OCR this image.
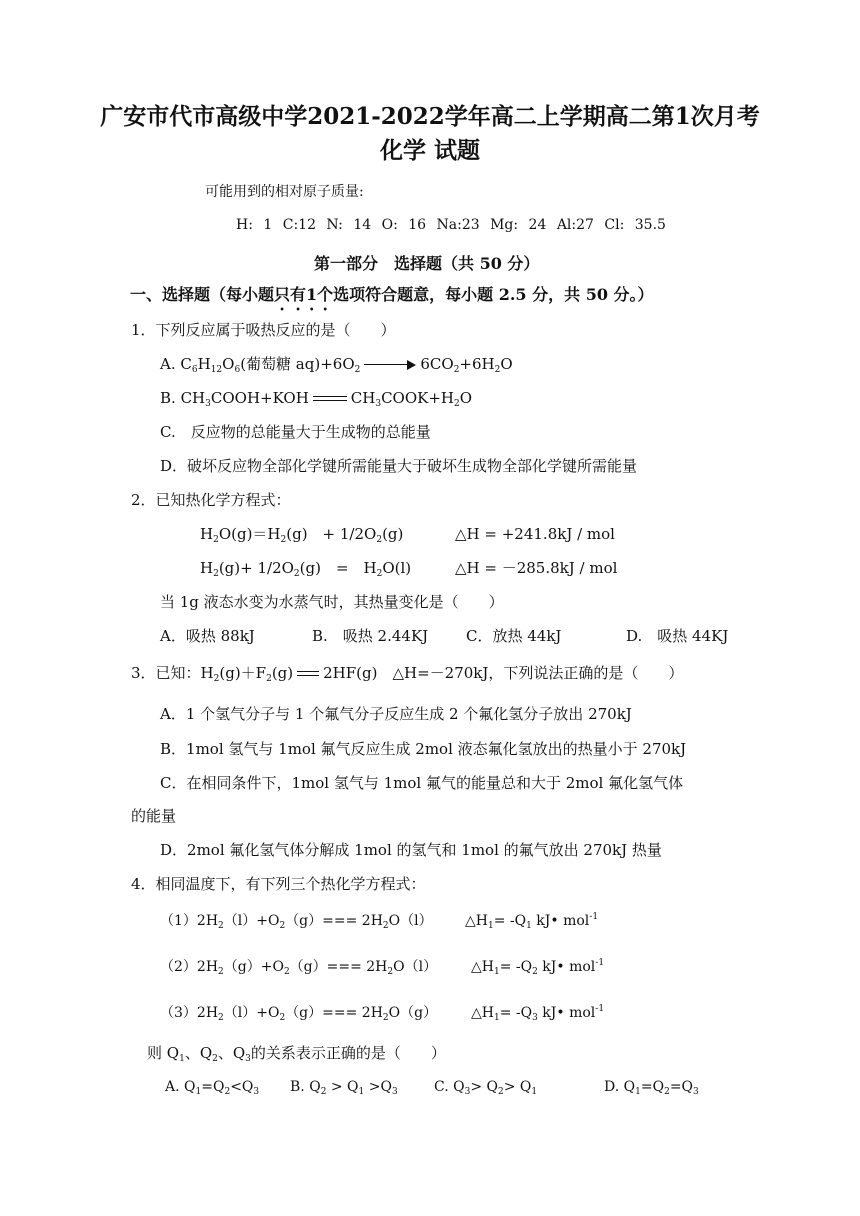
广安市代市高级中学2021-2022学年高二上学期高二第1次月考
化学 试题
可能用到的相对原子质量:
H: 1 C:12 N: 14 O: 16 Na:23 Mg: 24 Al:27 Cl: 35.5
第一部分　选择题（共 50 分）
一、选择题（每小题只有1个选项符合题意，每小题 2.5 分，共 50 分。）
1．下列反应属于吸热反应的是（　　）
A. $C_6H_{12}O_6$(葡萄糖 $aq)+6O_2$	$6CO_2+6H_2O$
B. $CH_3COOH+KOH$	$CH_3COOK+H_2O$
C.　反应物的总能量大于生成物的总能量
D．破坏反应物全部化学键所需能量大于破坏生成物全部化学键所需能量
2．已知热化学方程式：
$H_2O(g)=H_2(g)$　+ $1/2O_2(g)$	△H = +241.8kJ / mol
$H_2(g)+ 1/2O_2(g)$　=　$H_2O(l)$	△H = －285.8kJ / mol
当 1g 液态水变为水蒸气时，其热量变化是（　　）
A．吸热 88kJ	B.　吸热 2.44KJ	C．放热 44kJ	D.　吸热 44KJ
3．已知：$H_2(g)+F_2(g)$ 2HF(g)　△H=－270kJ，下列说法正确的是（　　）
A．1 个氢气分子与 1 个氟气分子反应生成 2 个氟化氢分子放出 270kJ
B．1mol 氢气与 1mol 氟气反应生成 2mol 液态氟化氢放出的热量小于 270kJ
C．在相同条件下，1mol 氢气与 1mol 氟气的能量总和大于 2mol 氟化氢气体
的能量
D．2mol 氟化氢气体分解成 1mol 的氢气和 1mol 的氟气放出 270kJ 热量
4．相同温度下，有下列三个热化学方程式：
$(1)2H_2(l)+O_2(g)=== 2H_2O(l)$ $\triangle H_1= -Q_1$ kJ• mol$^{-1}$
$(2)2H_2(g)+O_2(g)=== 2H_2O(l)$ $\triangle H_1= -Q_2$ kJ• mol$^{-1}$
$(3)2H_2(l)+O_2(g)=== 2H_2O(g)$ $\triangle H_1= -Q_3$ kJ• mol$^{-1}$
则 $Q_1$、$Q_2$、$Q_3$的关系表示正确的是（　　）
A. $Q_1=Q_2<Q_3$ B. $Q_2 > Q_1 >Q_3$	C. $Q_3> Q_2> Q_1$	D. $Q_1=Q_2=Q_3$
